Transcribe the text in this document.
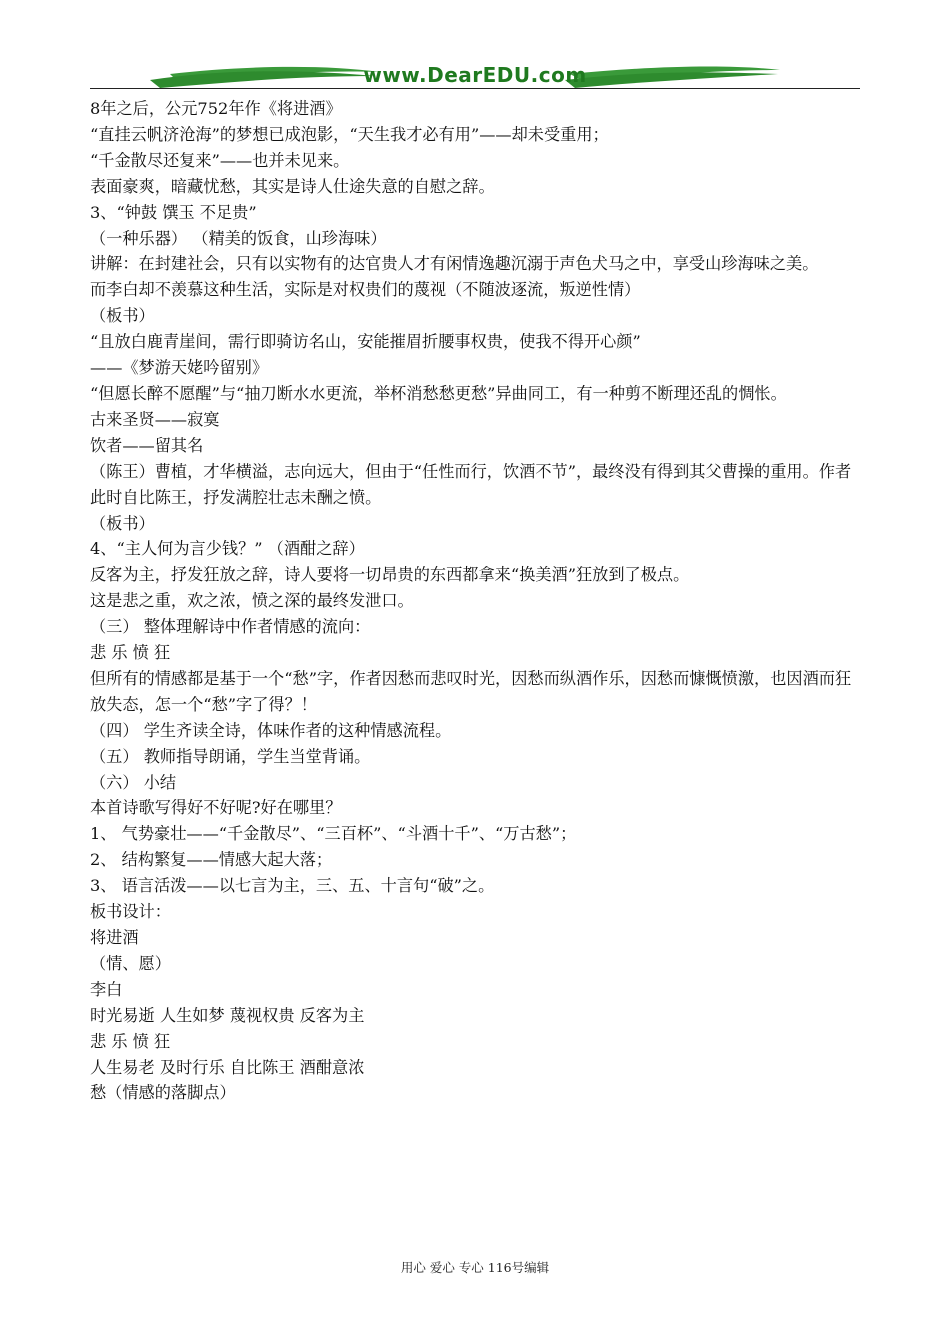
www.DearEDU.com

8年之后，公元752年作《将进酒》

“直挂云帆济沧海”的梦想已成泡影，“天生我才必有用”——却未受重用；

“千金散尽还复来”——也并未见来。

表面豪爽，暗藏忧愁，其实是诗人仕途失意的自慰之辞。

3、“钟鼓 馔玉 不足贵”

（一种乐器） （精美的饭食，山珍海味）

讲解：在封建社会，只有以实物有的达官贵人才有闲情逸趣沉溺于声色犬马之中，享受山珍海味之美。

而李白却不羡慕这种生活，实际是对权贵们的蔑视（不随波逐流，叛逆性情）

（板书）

“且放白鹿青崖间，需行即骑访名山，安能摧眉折腰事权贵，使我不得开心颜”

——《梦游天姥吟留别》

“但愿长醉不愿醒”与“抽刀断水水更流，举杯消愁愁更愁”异曲同工，有一种剪不断理还乱的惆怅。

古来圣贤——寂寞

饮者——留其名

（陈王）曹植，才华横溢，志向远大，但由于“任性而行，饮酒不节”，最终没有得到其父曹操的重用。作者此时自比陈王，抒发满腔壮志未酬之愤。

（板书）

4、“主人何为言少钱？” （酒酣之辞）

反客为主，抒发狂放之辞，诗人要将一切昂贵的东西都拿来“换美酒”狂放到了极点。

这是悲之重，欢之浓，愤之深的最终发泄口。

（三） 整体理解诗中作者情感的流向：

悲 乐 愤 狂

但所有的情感都是基于一个“愁”字，作者因愁而悲叹时光，因愁而纵酒作乐，因愁而慷慨愤激，也因酒而狂放失态，怎一个“愁”字了得？！

（四） 学生齐读全诗，体味作者的这种情感流程。

（五） 教师指导朗诵，学生当堂背诵。

（六） 小结

本首诗歌写得好不好呢?好在哪里？

1、 气势豪壮——“千金散尽”、“三百杯”、“斗酒十千”、“万古愁”；

2、 结构繁复——情感大起大落；

3、 语言活泼——以七言为主，三、五、十言句“破”之。

板书设计：

将进酒

（情、愿）

李白

时光易逝 人生如梦 蔑视权贵 反客为主

悲 乐 愤 狂

人生易老 及时行乐 自比陈王 酒酣意浓

愁（情感的落脚点）

用心 爱心 专心 116号编辑
